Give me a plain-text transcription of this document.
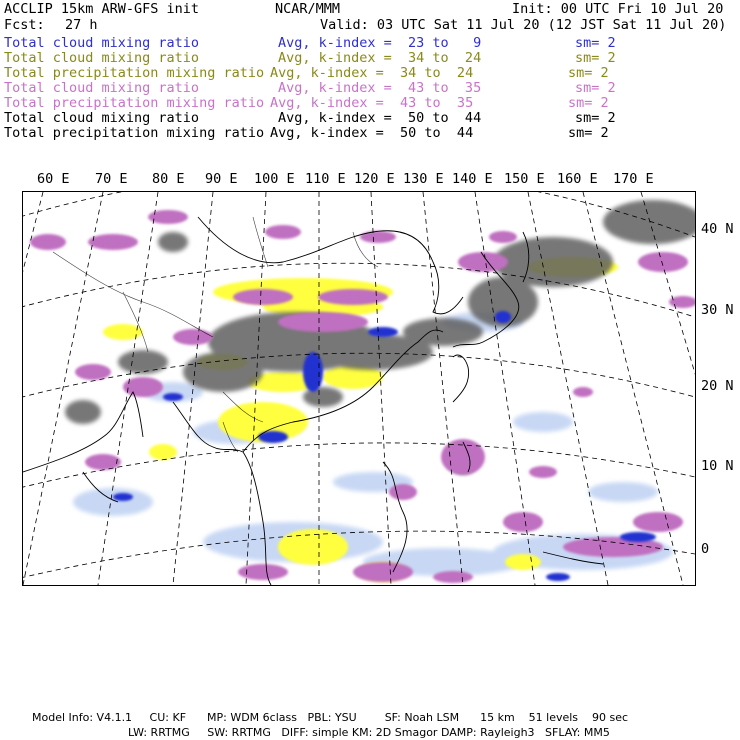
ACCLIP 15km ARW-GFS init	NCAR/MMM	Init: 00 UTC Fri 10 Jul 20
Fcst: 27 h	Valid: 03 UTC Sat 11 Jul 20 (12 JST Sat 11 Jul 20)
Total cloud mixing ratio	Avg, k-index =  23 to   9	sm= 2
Total cloud mixing ratio	Avg, k-index =  34 to  24	sm= 2
Total precipitation mixing ratio Avg, k-index =  34 to  24	sm= 2
Total cloud mixing ratio	Avg, k-index =  43 to  35	sm= 2
Total precipitation mixing ratio Avg, k-index =  43 to  35	sm= 2
Total cloud mixing ratio	Avg, k-index =  50 to  44	sm= 2
Total precipitation mixing ratio Avg, k-index =  50 to  44	sm= 2
60 E 70 E 80 E 90 E 100 E 110 E 120 E 130 E 140 E 150 E 160 E 170 E
40 N
30 N
20 N
10 N
0
Model Info: V4.1.1     CU: KF      MP: WDM 6class   PBL: YSU        SF: Noah LSM      15 km    51 levels    90 sec
LW: RRTMG     SW: RRTMG   DIFF: simple KM: 2D Smagor DAMP: Rayleigh3   SFLAY: MM5
